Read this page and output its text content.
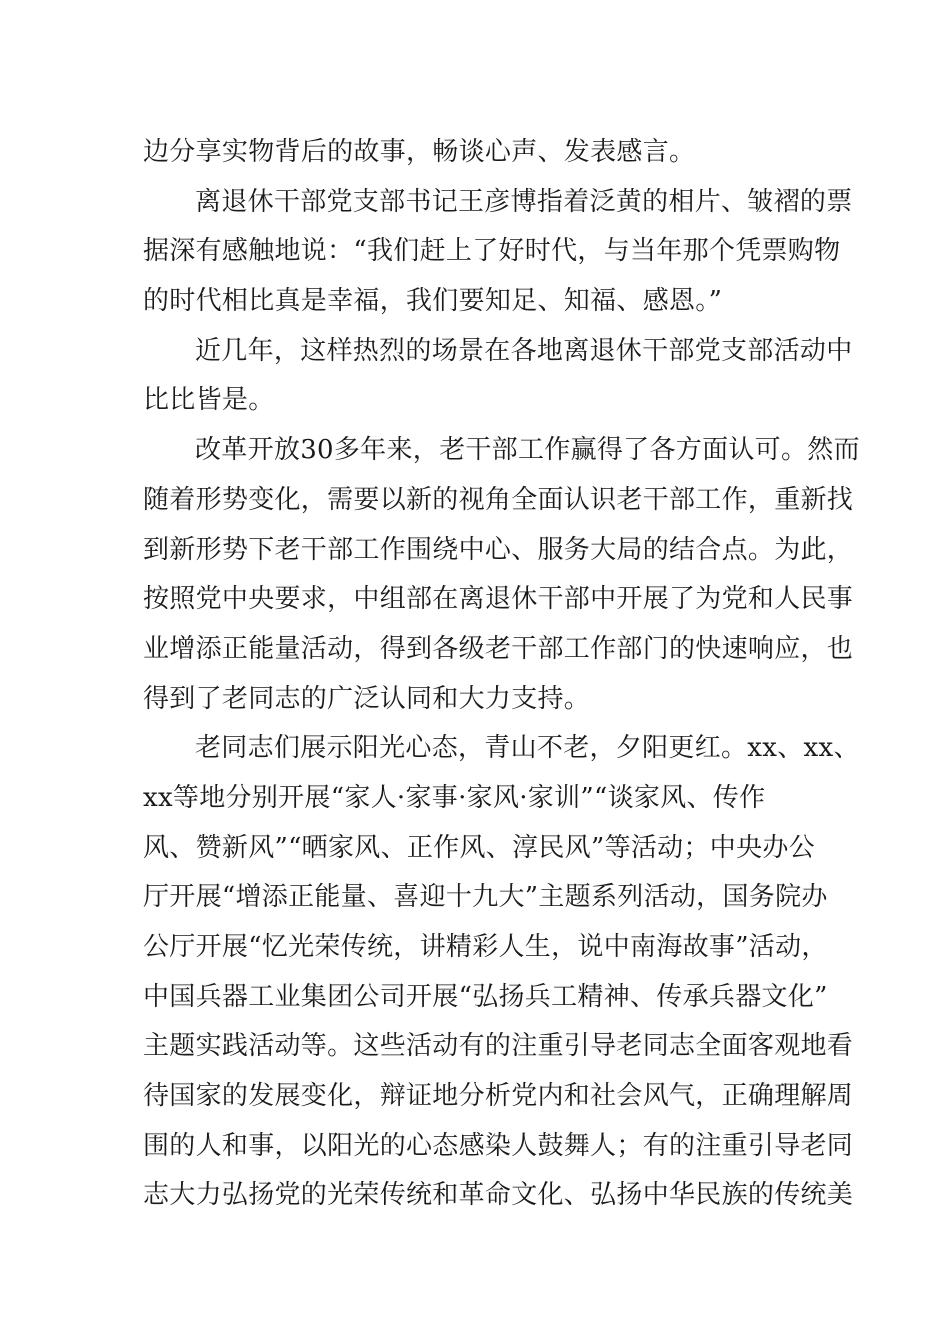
边分享实物背后的故事，畅谈心声、发表感言。
离退休干部党支部书记王彦博指着泛黄的相片、皱褶的票
据深有感触地说：“我们赶上了好时代，与当年那个凭票购物
的时代相比真是幸福，我们要知足、知福、感恩。”
近几年，这样热烈的场景在各地离退休干部党支部活动中
比比皆是。
改革开放30多年来，老干部工作赢得了各方面认可。然而
随着形势变化，需要以新的视角全面认识老干部工作，重新找
到新形势下老干部工作围绕中心、服务大局的结合点。为此，
按照党中央要求，中组部在离退休干部中开展了为党和人民事
业增添正能量活动，得到各级老干部工作部门的快速响应，也
得到了老同志的广泛认同和大力支持。
老同志们展示阳光心态，青山不老，夕阳更红。xx、xx、
xx等地分别开展“家人·家事·家风·家训”“谈家风、传作
风、赞新风”“晒家风、正作风、淳民风”等活动；中央办公
厅开展“增添正能量、喜迎十九大”主题系列活动，国务院办
公厅开展“忆光荣传统，讲精彩人生，说中南海故事”活动，
中国兵器工业集团公司开展“弘扬兵工精神、传承兵器文化”
主题实践活动等。这些活动有的注重引导老同志全面客观地看
待国家的发展变化，辩证地分析党内和社会风气，正确理解周
围的人和事，以阳光的心态感染人鼓舞人；有的注重引导老同
志大力弘扬党的光荣传统和革命文化、弘扬中华民族的传统美
